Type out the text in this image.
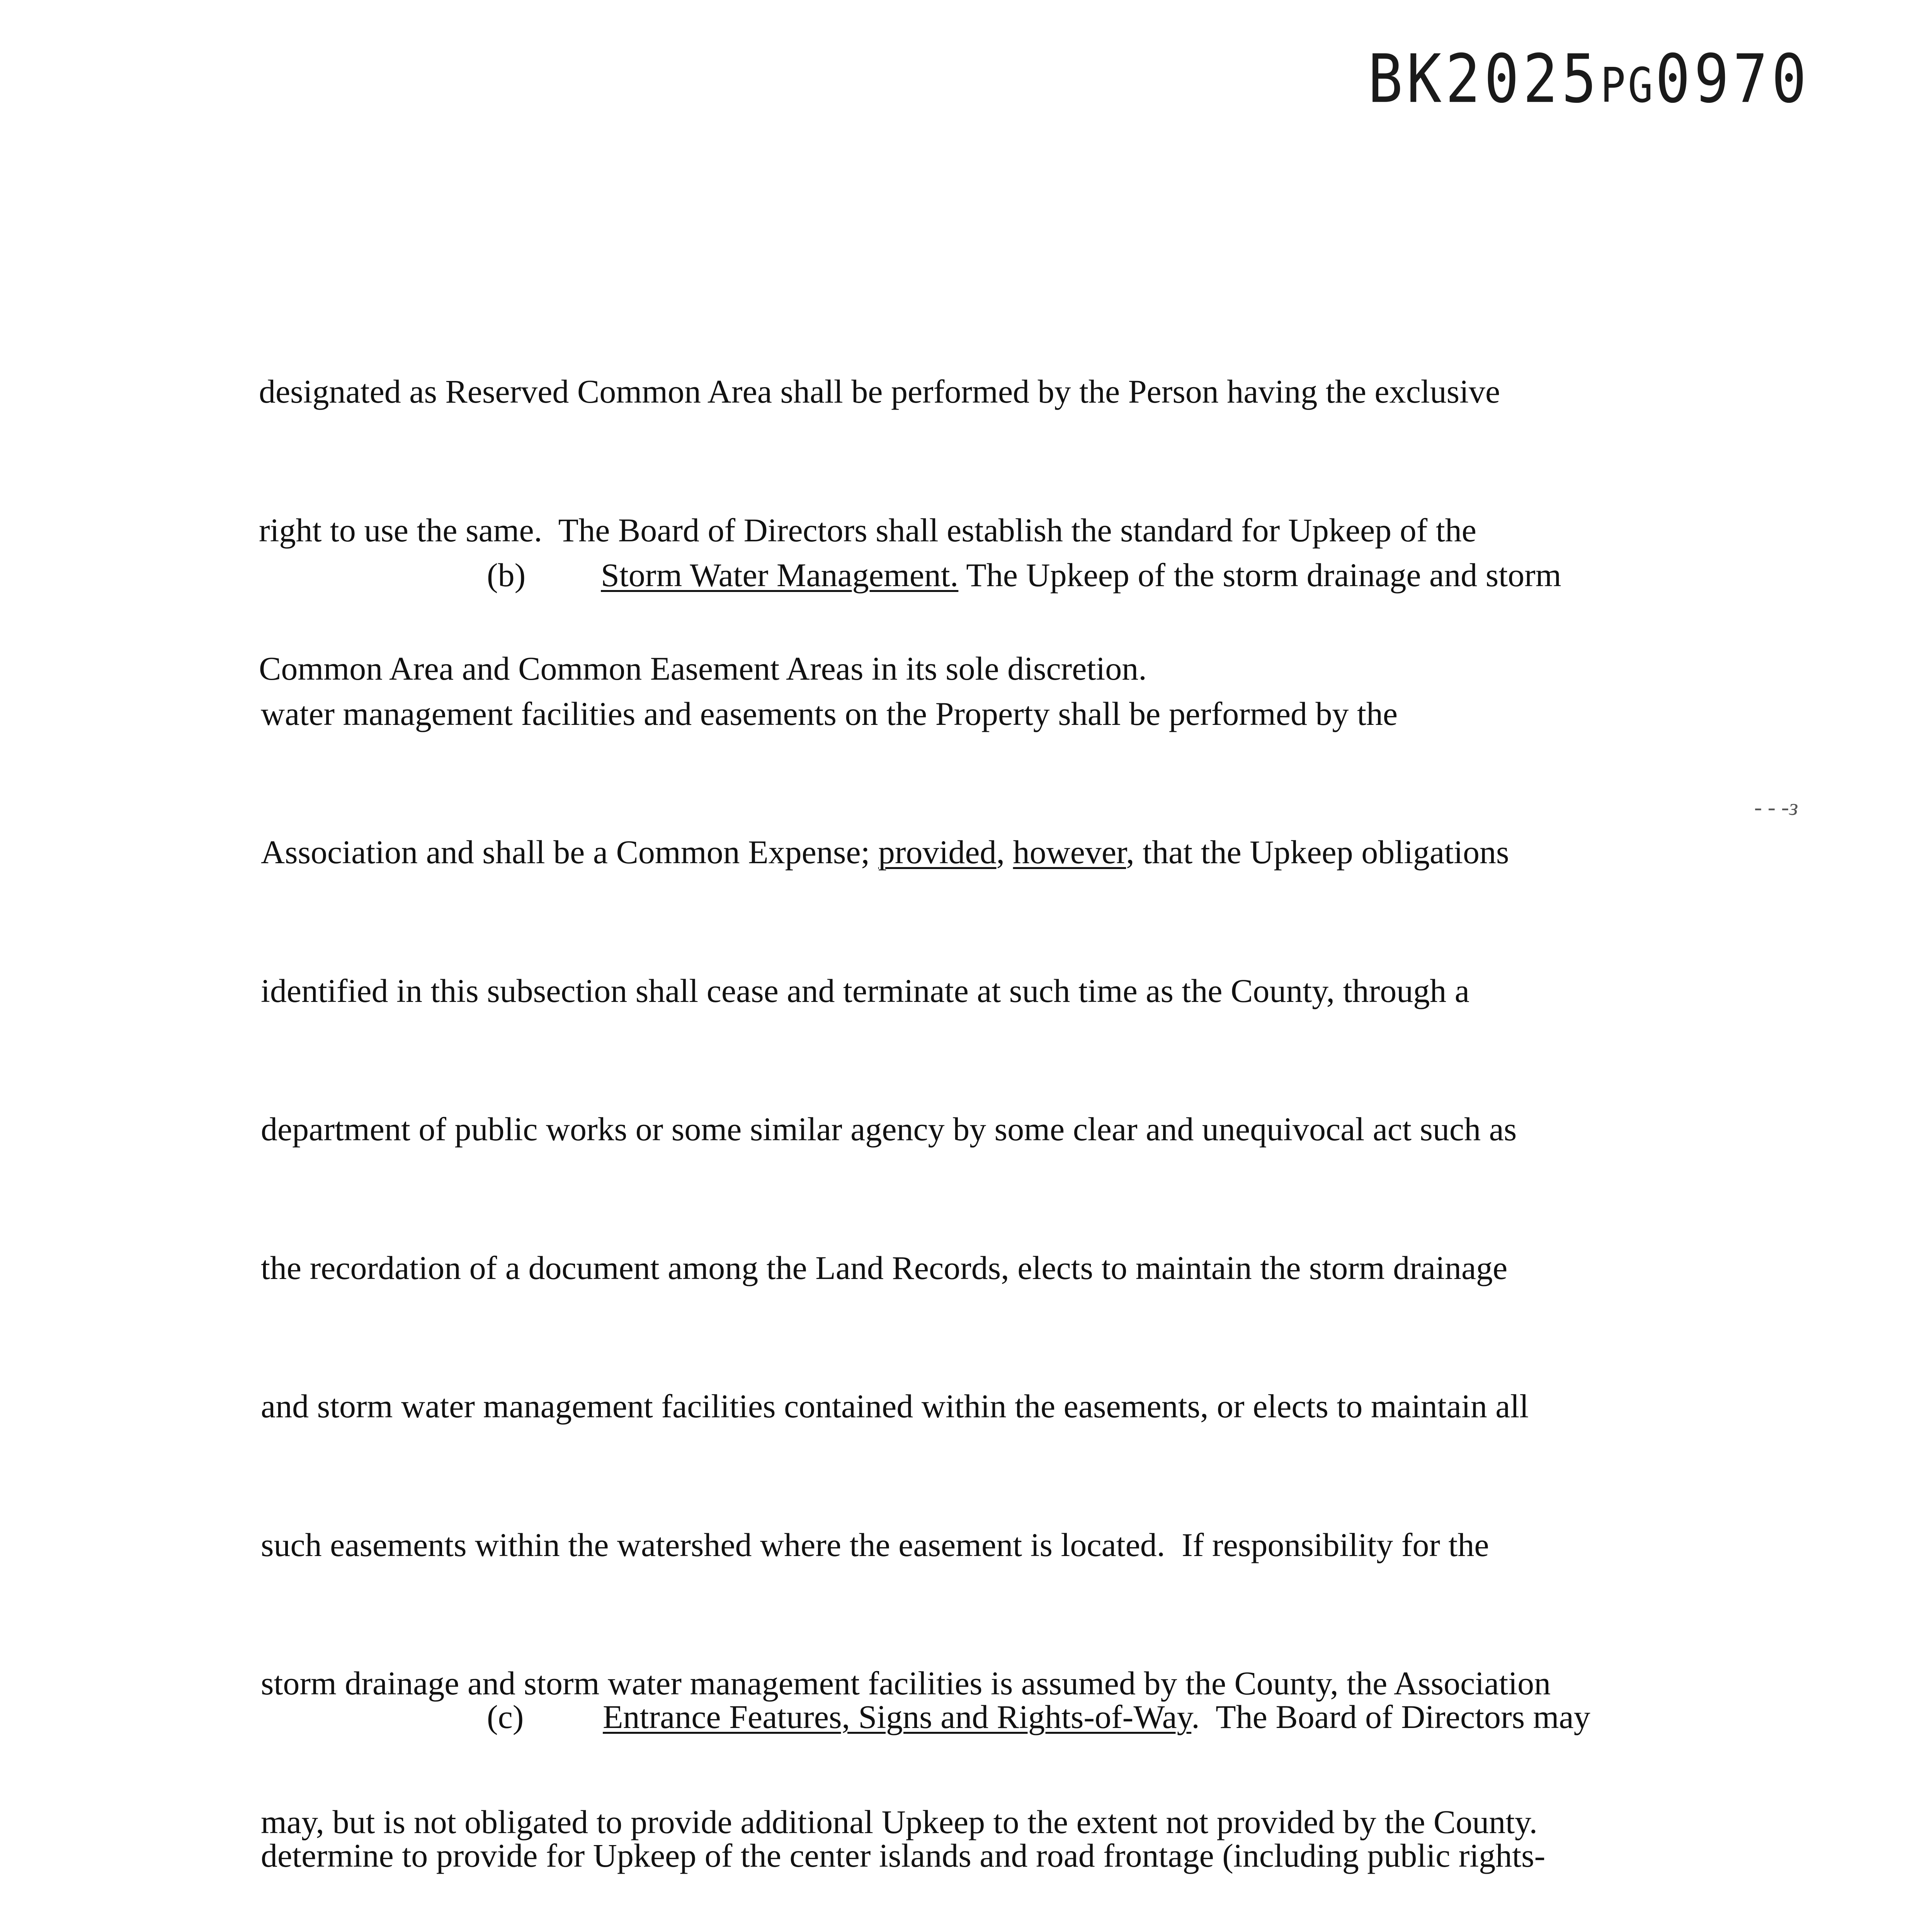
BK2025PG0970

designated as Reserved Common Area shall be performed by the Person having the exclusive

right to use the same.  The Board of Directors shall establish the standard for Upkeep of the

Common Area and Common Easement Areas in its sole discretion.

(b) Storm Water Management. The Upkeep of the storm drainage and storm

water management facilities and easements on the Property shall be performed by the

Association and shall be a Common Expense; provided, however, that the Upkeep obligations

identified in this subsection shall cease and terminate at such time as the County, through a

department of public works or some similar agency by some clear and unequivocal act such as

the recordation of a document among the Land Records, elects to maintain the storm drainage

and storm water management facilities contained within the easements, or elects to maintain all

such easements within the watershed where the easement is located.  If responsibility for the

storm drainage and storm water management facilities is assumed by the County, the Association

may, but is not obligated to provide additional Upkeep to the extent not provided by the County.

‑ ‑ ‑з

(c) Entrance Features, Signs and Rights-of-Way.  The Board of Directors may

determine to provide for Upkeep of the center islands and road frontage (including public rights-
